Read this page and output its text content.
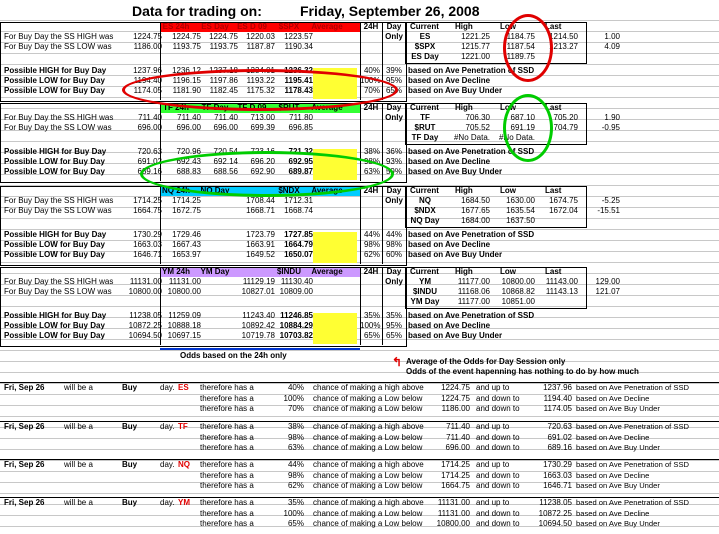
Data for trading on:	Friday, September 26, 2008
ES 24h	ES Day	ES D 09	$SPX	Average	24H	Day
Only
For Buy Day the SS HIGH was	1224.75	1224.75	1224.75	1220.03	1223.57
For Buy Day the SS LOW was	1186.00	1193.75	1193.75	1187.87	1190.34
Possible HIGH for Buy Day	1237.96	1236.12	1237.18	1234.01	1236.32	40% 39% based on Ave Penetration of SSD
Possible LOW for Buy Day	1194.40	1196.15	1197.86	1193.22	1195.41	100% 95% based on Ave Decline
Possible LOW for Buy Day	1174.05	1181.90	1182.45	1175.32	1178.43	70% 65% based on Ave Buy Under
Current High	Low	Last
ES	1221.25	1184.75	1214.50	1.00
$SPX	1215.77	1187.54	1213.27	4.09
ES Day	1221.00	1189.75
TF 24h	TF Day	TF D 09	$RUT	Average	24H	Day
Only
For Buy Day the SS HIGH was	711.40	711.40	711.40	713.00	711.80
For Buy Day the SS LOW was	696.00	696.00	696.00	699.39	696.85
Possible HIGH for Buy Day	720.63	720.96	720.54	723.16	721.32	38% 36% based on Ave Penetration of SSD
Possible LOW for Buy Day	691.02	692.43	692.14	696.20	692.95	98% 93% based on Ave Decline
Possible LOW for Buy Day	689.16	688.83	688.56	692.90	689.87	63% 59% based on Ave Buy Under
Current High	Low	Last
TF	706.30	687.10	705.20	1.90
$RUT	705.52	691.19	704.79	-0.95
TF Day	#No Data.	#No Data.
NQ 24h	NQ Day	$NDX	Average	24H	Day
Only
For Buy Day the SS HIGH was	1714.25	1714.25	1708.44	1712.31
For Buy Day the SS LOW was	1664.75	1672.75	1668.71	1668.74
Possible HIGH for Buy Day	1730.29	1729.46	1723.79	1727.85	44% 44% based on Ave Penetration of SSD
Possible LOW for Buy Day	1663.03	1667.43	1663.91	1664.79	98% 98% based on Ave Decline
Possible LOW for Buy Day	1646.71	1653.97	1649.52	1650.07	62% 60% based on Ave Buy Under
Current High	Low	Last
NQ	1684.50	1630.00	1674.75	-5.25
$NDX	1677.65	1635.54	1672.04	-15.51
NQ Day	1684.00	1637.50
YM 24h	YM Day	$INDU	Average	24H	Day
Only
For Buy Day the SS HIGH was	11131.00 11131.00	11129.19 11130.40
For Buy Day the SS LOW was	10800.00 10800.00	10827.01 10809.00
Possible HIGH for Buy Day	11238.05 11259.09	11243.40 11246.85	35% 35% based on Ave Penetration of SSD
Possible LOW for Buy Day	10872.25 10888.18	10892.42 10884.29	100% 95% based on Ave Decline
Possible LOW for Buy Day	10694.50 10697.15	10719.78 10703.82	65% 65% based on Ave Buy Under
Current High	Low	Last
YM	11177.00	10800.00	11143.00	129.00
$INDU	11168.06	10868.82	11143.13	121.07
YM Day	11177.00	10851.00
Odds based on the 24h only
Average of the Odds for Day Session only
Odds of the event hapenning has nothing to do by how much
↰
Fri, Sep 26 will be a	Buy	day. ES therefore has a	40% chance of making a high above	1224.75 and up to	1237.96 based on Ave Penetration of SSD
therefore has a	100% chance of making a Low below	1224.75 and down to	1194.40 based on Ave Decline
therefore has a	70% chance of making a Low below	1186.00 and down to	1174.05 based on Ave Buy Under
Fri, Sep 26 will be a	Buy	day. TF therefore has a	38% chance of making a high above	711.40 and up to	720.63 based on Ave Penetration of SSD
therefore has a	98% chance of making a Low below	711.40 and down to	691.02 based on Ave Decline
therefore has a	63% chance of making a Low below	696.00 and down to	689.16 based on Ave Buy Under
Fri, Sep 26 will be a	Buy	day. NQ therefore has a	44% chance of making a high above	1714.25 and up to	1730.29 based on Ave Penetration of SSD
therefore has a	98% chance of making a Low below	1714.25 and down to	1663.03 based on Ave Decline
therefore has a	62% chance of making a Low below	1664.75 and down to	1646.71 based on Ave Buy Under
Fri, Sep 26 will be a	Buy	day. YM therefore has a	35% chance of making a high above	11131.00 and up to	11238.05 based on Ave Penetration of SSD
therefore has a	100% chance of making a Low below	11131.00 and down to	10872.25 based on Ave Decline
therefore has a	65% chance of making a Low below	10800.00 and down to	10694.50 based on Ave Buy Under
